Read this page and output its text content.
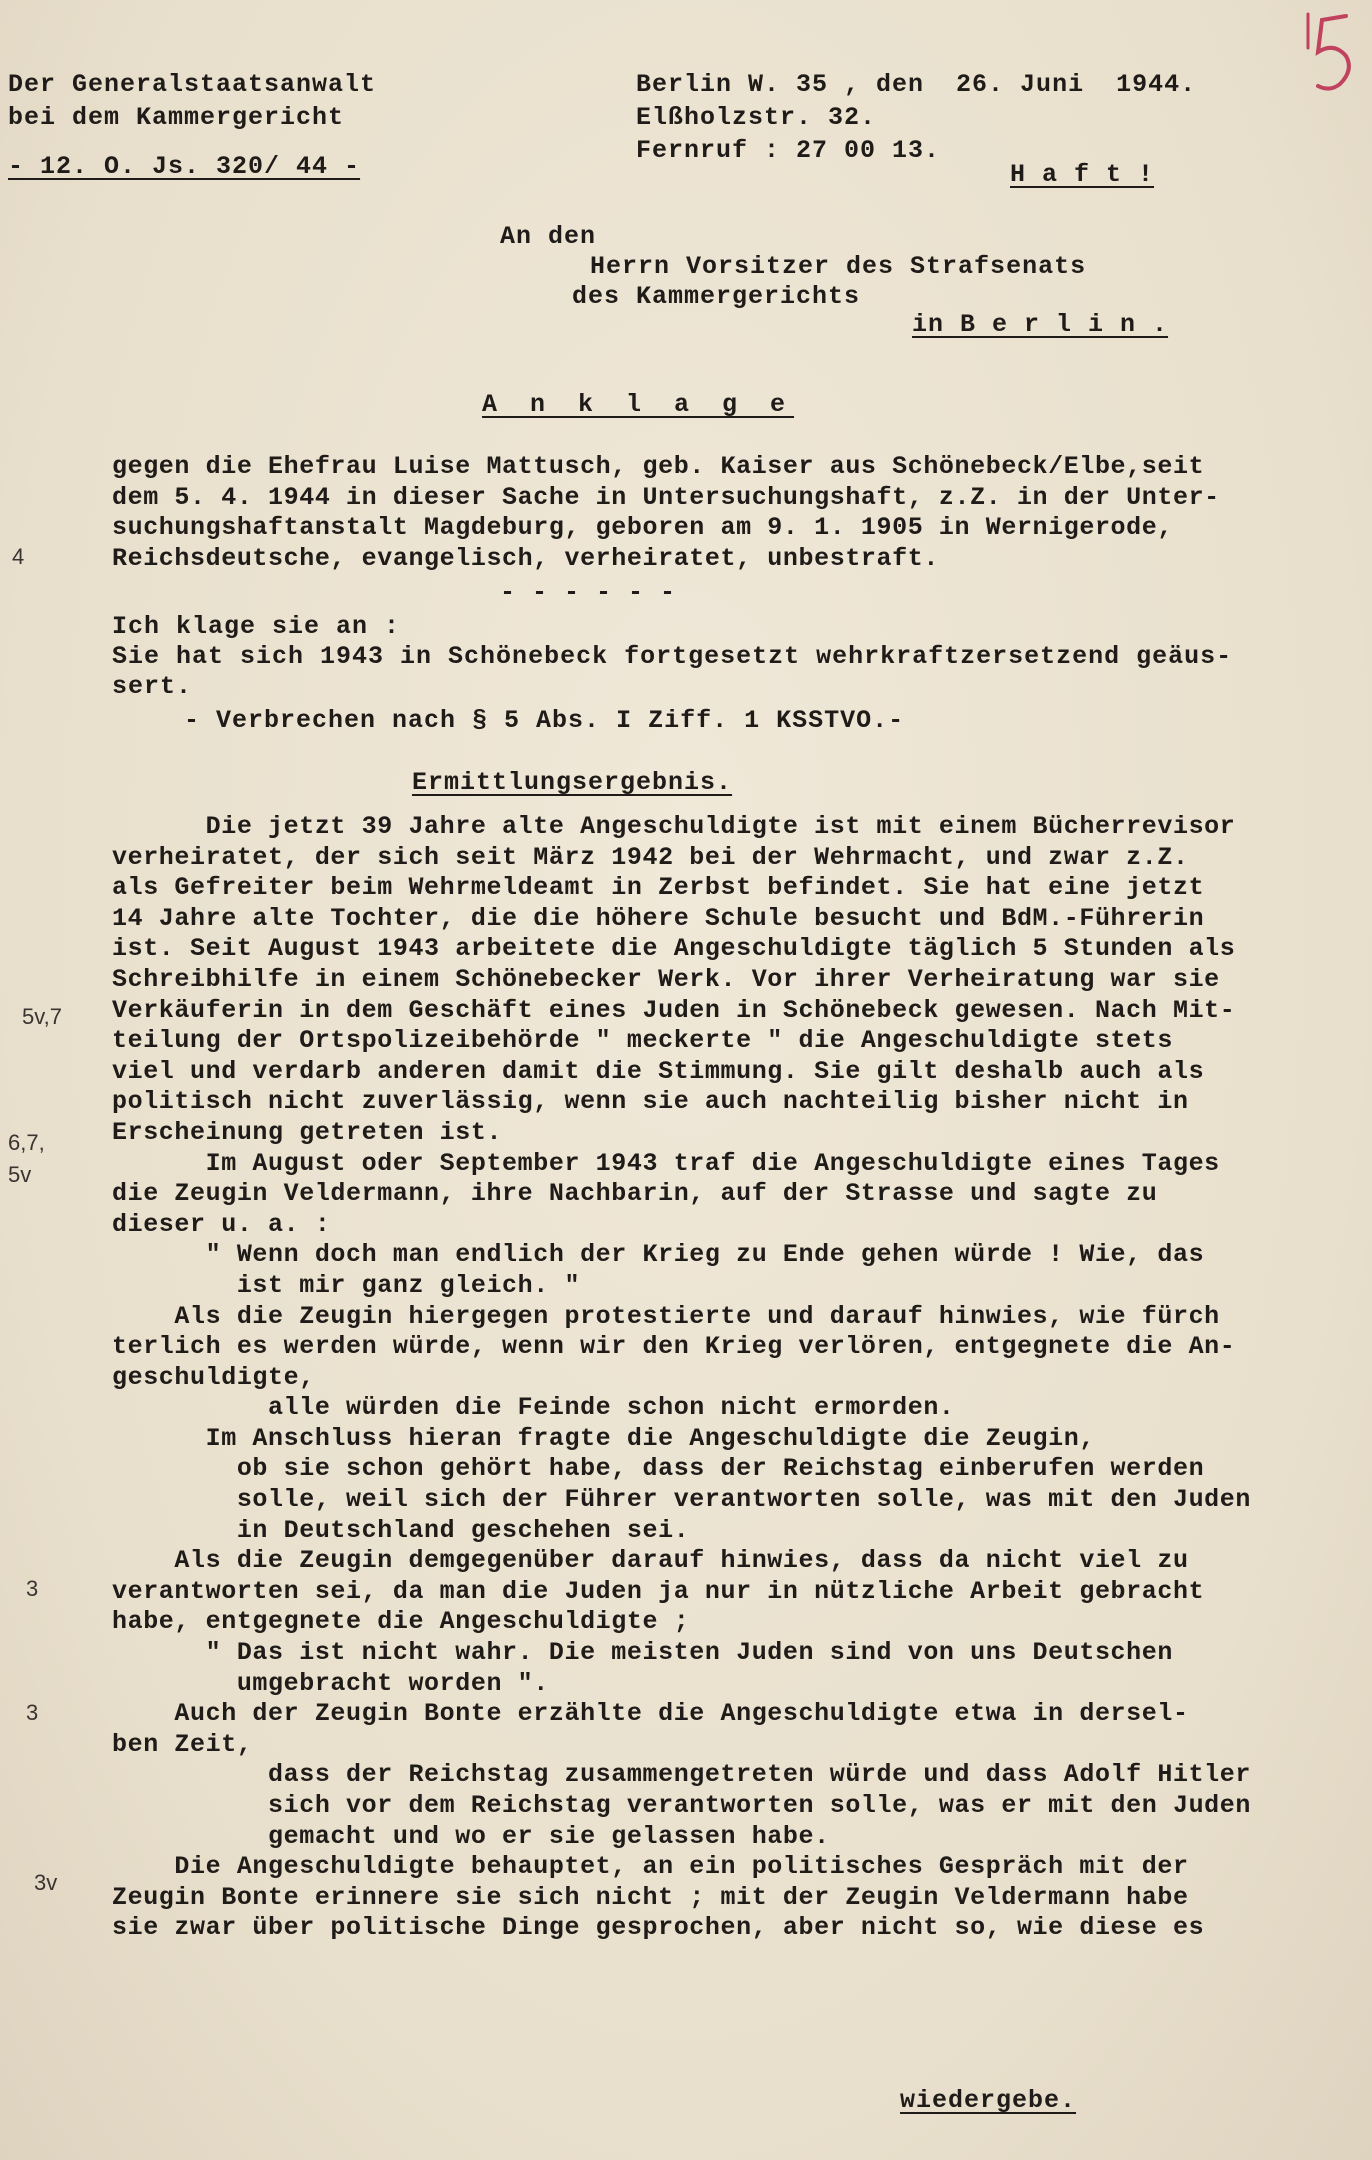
Der Generalstaatsanwalt
bei dem Kammergericht
- 12. O. Js. 320/ 44 -
Berlin W. 35 , den  26. Juni  1944.
Elßholzstr. 32.
Fernruf : 27 00 13.
H a f t !
An den
Herrn Vorsitzer des Strafsenats
des Kammergerichts
in B e r l i n .
A n k l a g e

gegen die Ehefrau Luise Mattusch, geb. Kaiser aus Schönebeck/Elbe,seit

dem 5. 4. 1944 in dieser Sache in Untersuchungshaft, z.Z. in der Unter-

suchungshaftanstalt Magdeburg, geboren am 9. 1. 1905 in Wernigerode,

Reichsdeutsche, evangelisch, verheiratet, unbestraft.

- - - - - -
Ich klage sie an :
Sie hat sich 1943 in Schönebeck fortgesetzt wehrkraftzersetzend geäus-
sert.
- Verbrechen nach § 5 Abs. I Ziff. 1 KSSTVO.-
Ermittlungsergebnis.

Die jetzt 39 Jahre alte Angeschuldigte ist mit einem Bücherrevisor

verheiratet, der sich seit März 1942 bei der Wehrmacht, und zwar z.Z.

als Gefreiter beim Wehrmeldeamt in Zerbst befindet. Sie hat eine jetzt

14 Jahre alte Tochter, die die höhere Schule besucht und BdM.-Führerin

ist. Seit August 1943 arbeitete die Angeschuldigte täglich 5 Stunden als

Schreibhilfe in einem Schönebecker Werk. Vor ihrer Verheiratung war sie

Verkäuferin in dem Geschäft eines Juden in Schönebeck gewesen. Nach Mit-

teilung der Ortspolizeibehörde " meckerte " die Angeschuldigte stets

viel und verdarb anderen damit die Stimmung. Sie gilt deshalb auch als

politisch nicht zuverlässig, wenn sie auch nachteilig bisher nicht in

Erscheinung getreten ist.

Im August oder September 1943 traf die Angeschuldigte eines Tages

die Zeugin Veldermann, ihre Nachbarin, auf der Strasse und sagte zu

dieser u. a. :

" Wenn doch man endlich der Krieg zu Ende gehen würde ! Wie, das

ist mir ganz gleich. "

Als die Zeugin hiergegen protestierte und darauf hinwies, wie fürch

terlich es werden würde, wenn wir den Krieg verlören, entgegnete die An-

geschuldigte,

alle würden die Feinde schon nicht ermorden.

Im Anschluss hieran fragte die Angeschuldigte die Zeugin,

ob sie schon gehört habe, dass der Reichstag einberufen werden

solle, weil sich der Führer verantworten solle, was mit den Juden

in Deutschland geschehen sei.

Als die Zeugin demgegenüber darauf hinwies, dass da nicht viel zu

verantworten sei, da man die Juden ja nur in nützliche Arbeit gebracht

habe, entgegnete die Angeschuldigte ;

" Das ist nicht wahr. Die meisten Juden sind von uns Deutschen

umgebracht worden ".

Auch der Zeugin Bonte erzählte die Angeschuldigte etwa in dersel-

ben Zeit,

dass der Reichstag zusammengetreten würde und dass Adolf Hitler

sich vor dem Reichstag verantworten solle, was er mit den Juden

gemacht und wo er sie gelassen habe.

Die Angeschuldigte behauptet, an ein politisches Gespräch mit der

Zeugin Bonte erinnere sie sich nicht ; mit der Zeugin Veldermann habe

sie zwar über politische Dinge gesprochen, aber nicht so, wie diese es

wiedergebe.
4
5v,7
6,7,
5v
3
3
3v
